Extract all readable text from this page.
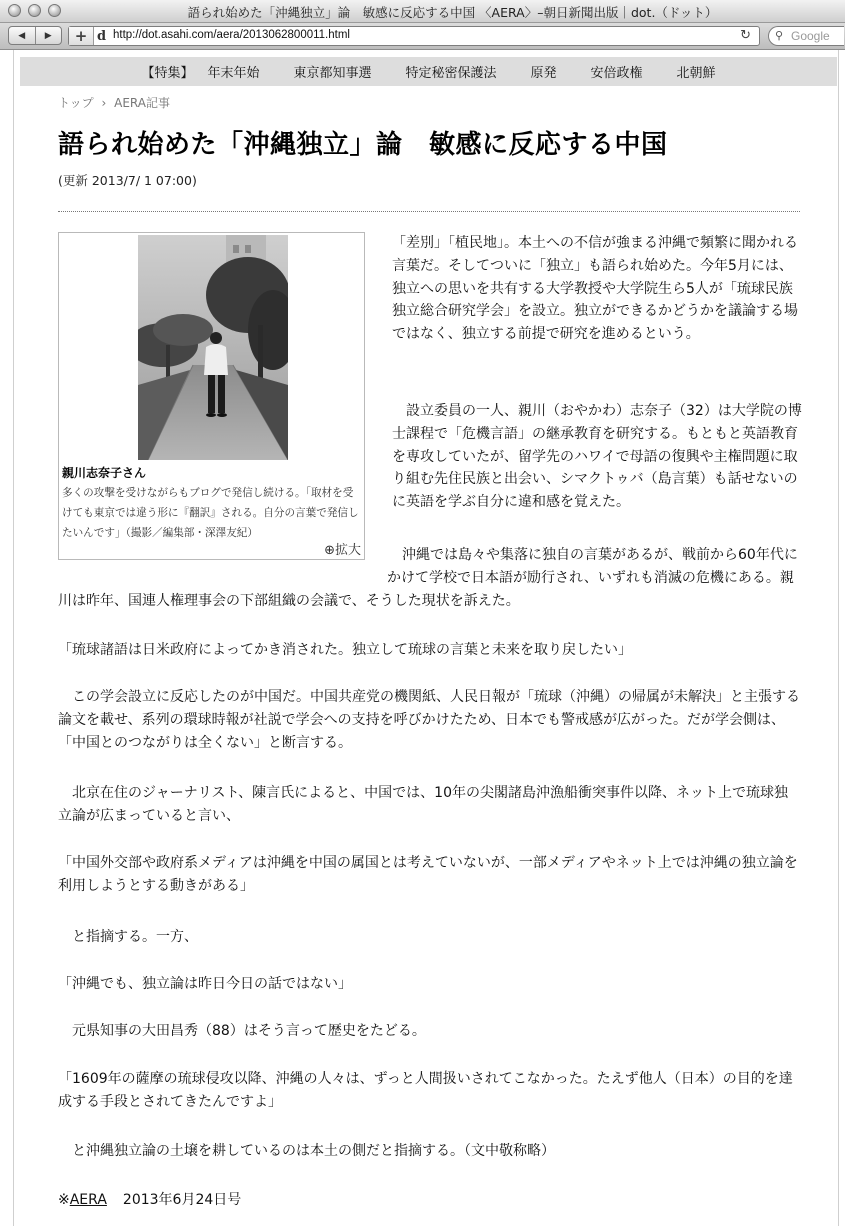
語られ始めた「沖縄独立」論　敏感に反応する中国 〈AERA〉–朝日新聞出版｜dot.（ドット）
◀ ▶ + d http://dot.asahi.com/aera/2013062800011.html	↻ ⚲ Google
【特集】 年末年始	東京都知事選	特定秘密保護法	原発	安倍政権	北朝鮮
トップ › AERA記事
語られ始めた「沖縄独立」論　敏感に反応する中国
(更新 2013/7/ 1 07:00)
親川志奈子さん
多くの攻撃を受けながらもブログで発信し続ける。「取材を受けても東京では違う形に『翻訳』される。自分の言葉で発信したいんです」（撮影／編集部・深澤友紀）
⊕拡大
「差別」「植民地」。本土への不信が強まる沖縄で頻繁に聞かれる言葉だ。そしてついに「独立」も語られ始めた。今年5月には、独立への思いを共有する大学教授や大学院生ら5人が「琉球民族独立総合研究学会」を設立。独立ができるかどうかを議論する場ではなく、独立する前提で研究を進めるという。
設立委員の一人、親川（おやかわ）志奈子（32）は大学院の博士課程で「危機言語」の継承教育を研究する。もともと英語教育を専攻していたが、留学先のハワイで母語の復興や主権問題に取り組む先住民族と出会い、シマクトゥバ（島言葉）も話せないのに英語を学ぶ自分に違和感を覚えた。
沖縄では島々や集落に独自の言葉があるが、戦前から60年代にかけて学校で日本語が励行され、いずれも消滅の危機にある。親川は昨年、国連人権理事会の下部組織の会議で、そうした現状を訴えた。
「琉球諸語は日米政府によってかき消された。独立して琉球の言葉と未来を取り戻したい」
この学会設立に反応したのが中国だ。中国共産党の機関紙、人民日報が「琉球（沖縄）の帰属が未解決」と主張する論文を載せ、系列の環球時報が社説で学会への支持を呼びかけたため、日本でも警戒感が広がった。だが学会側は、「中国とのつながりは全くない」と断言する。
北京在住のジャーナリスト、陳言氏によると、中国では、10年の尖閣諸島沖漁船衝突事件以降、ネット上で琉球独立論が広まっていると言い、
「中国外交部や政府系メディアは沖縄を中国の属国とは考えていないが、一部メディアやネット上では沖縄の独立論を利用しようとする動きがある」
と指摘する。一方、
「沖縄でも、独立論は昨日今日の話ではない」
元県知事の大田昌秀（88）はそう言って歴史をたどる。
「1609年の薩摩の琉球侵攻以降、沖縄の人々は、ずっと人間扱いされてこなかった。たえず他人（日本）の目的を達成する手段とされてきたんですよ」
と沖縄独立論の土壌を耕しているのは本土の側だと指摘する。（文中敬称略）
※AERA 2013年6月24日号
